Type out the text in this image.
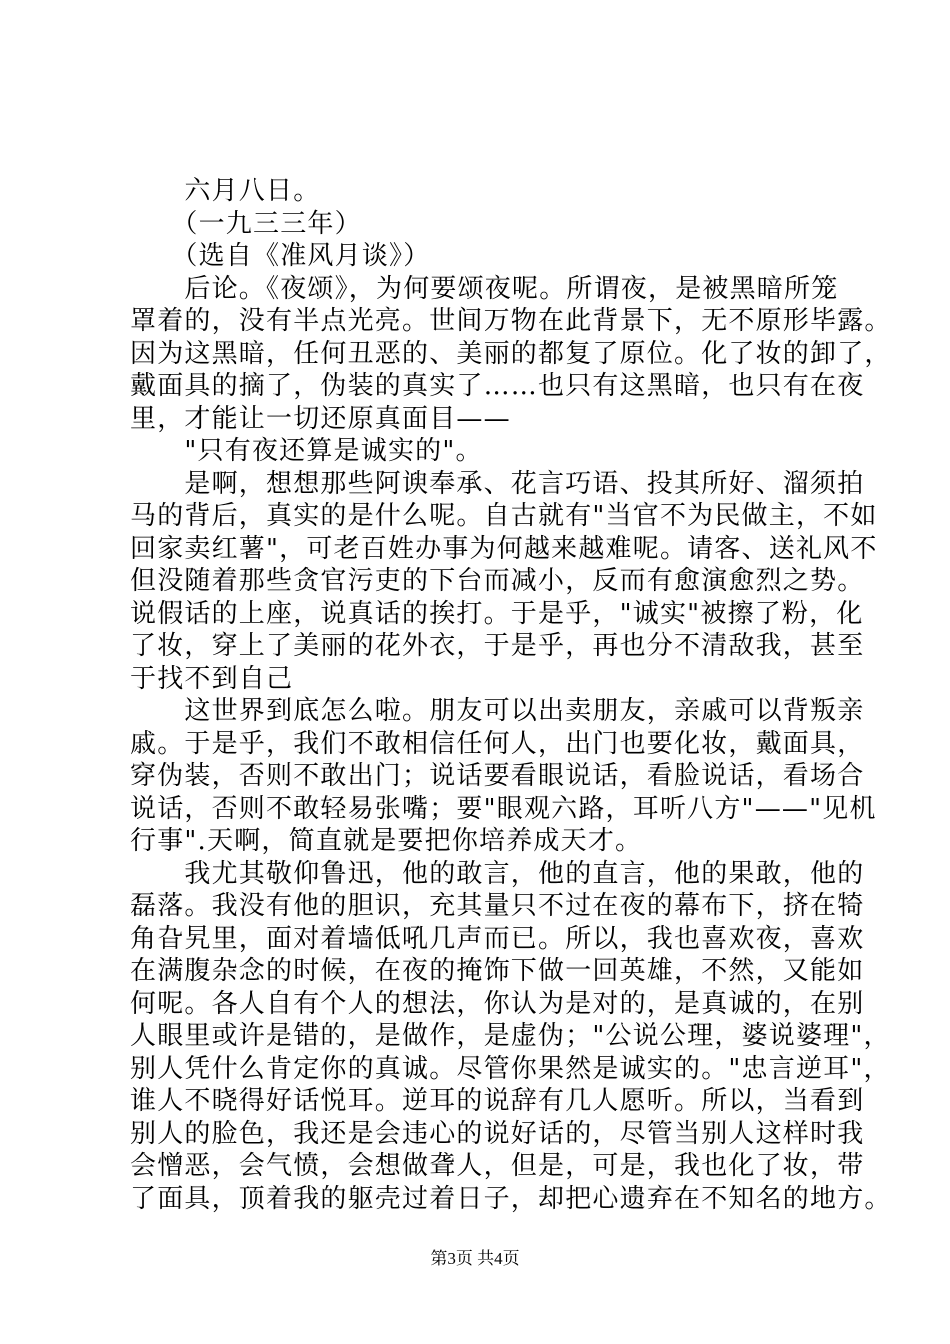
　　六月八日。
　　（一九三三年）
　　（选自《准风月谈》）
　　后论。《夜颂》，为何要颂夜呢。所谓夜，是被黑暗所笼
罩着的，没有半点光亮。世间万物在此背景下，无不原形毕露。
因为这黑暗，任何丑恶的、美丽的都复了原位。化了妆的卸了，
戴面具的摘了，伪装的真实了……也只有这黑暗，也只有在夜
里，才能让一切还原真面目——
　　"只有夜还算是诚实的"。
　　是啊，想想那些阿谀奉承、花言巧语、投其所好、溜须拍
马的背后，真实的是什么呢。自古就有"当官不为民做主，不如
回家卖红薯"，可老百姓办事为何越来越难呢。请客、送礼风不
但没随着那些贪官污吏的下台而减小，反而有愈演愈烈之势。
说假话的上座，说真话的挨打。于是乎，"诚实"被擦了粉，化
了妆，穿上了美丽的花外衣，于是乎，再也分不清敌我，甚至
于找不到自己
　　这世界到底怎么啦。朋友可以出卖朋友，亲戚可以背叛亲
戚。于是乎，我们不敢相信任何人，出门也要化妆，戴面具，
穿伪装，否则不敢出门；说话要看眼说话，看脸说话，看场合
说话，否则不敢轻易张嘴；要"眼观六路，耳听八方"——"见机
行事".天啊，简直就是要把你培养成天才。
　　我尤其敬仰鲁迅，他的敢言，他的直言，他的果敢，他的
磊落。我没有他的胆识，充其量只不过在夜的幕布下，挤在犄
角旮旯里，面对着墙低吼几声而已。所以，我也喜欢夜，喜欢
在满腹杂念的时候，在夜的掩饰下做一回英雄，不然，又能如
何呢。各人自有个人的想法，你认为是对的，是真诚的，在别
人眼里或许是错的，是做作，是虚伪；"公说公理，婆说婆理"，
别人凭什么肯定你的真诚。尽管你果然是诚实的。"忠言逆耳"，
谁人不晓得好话悦耳。逆耳的说辞有几人愿听。所以，当看到
别人的脸色，我还是会违心的说好话的，尽管当别人这样时我
会憎恶，会气愤，会想做聋人，但是，可是，我也化了妆，带
了面具，顶着我的躯壳过着日子，却把心遗弃在不知名的地方。
第3页 共4页
